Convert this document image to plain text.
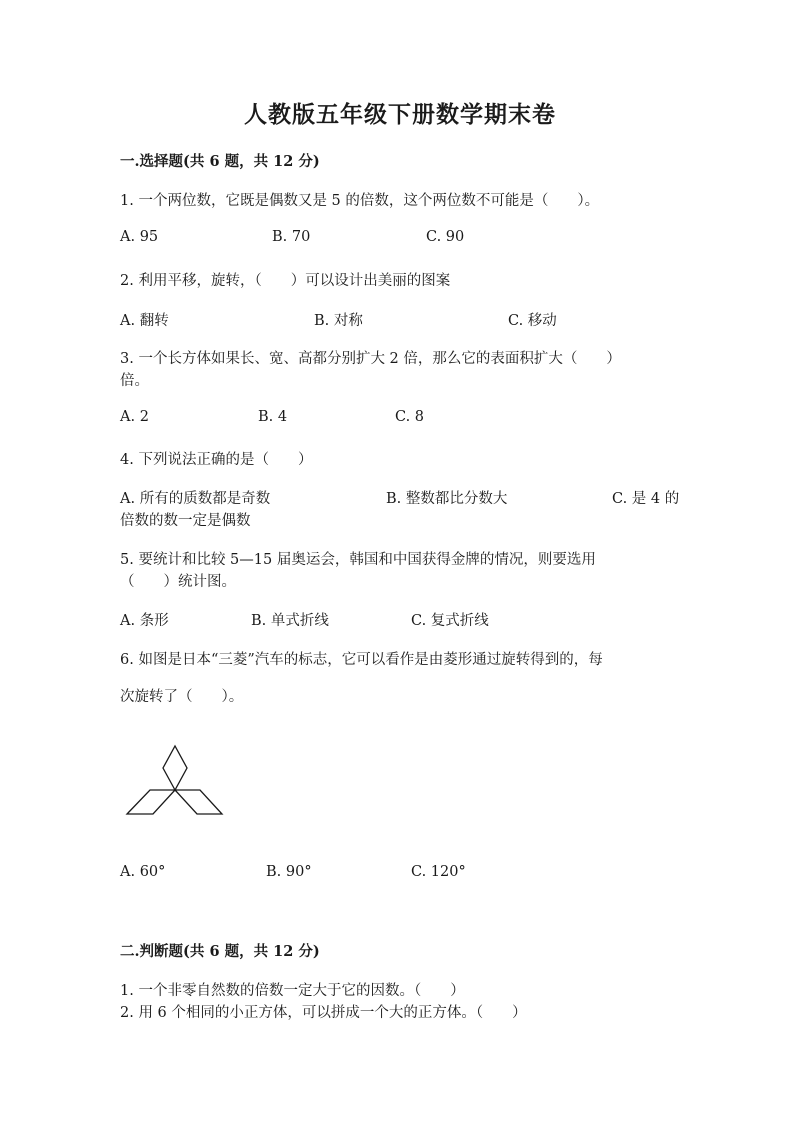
人教版五年级下册数学期末卷
一.选择题(共 6 题，共 12 分)
1. 一个两位数，它既是偶数又是 5 的倍数，这个两位数不可能是（　　）。
A. 95	B. 70	C. 90
2. 利用平移，旋转，（　　）可以设计出美丽的图案
A. 翻转	B. 对称	C. 移动
3. 一个长方体如果长、宽、高都分别扩大 2 倍，那么它的表面积扩大（　　）
倍。
A. 2	B. 4	C. 8
4. 下列说法正确的是（　　）
A. 所有的质数都是奇数	B. 整数都比分数大	C. 是 4 的
倍数的数一定是偶数
5. 要统计和比较 5—15 届奥运会，韩国和中国获得金牌的情况，则要选用
（　　）统计图。
A. 条形	B. 单式折线	C. 复式折线
6. 如图是日本“三菱”汽车的标志，它可以看作是由菱形通过旋转得到的，每
次旋转了（　　）。
A. 60°	B. 90°	C. 120°
二.判断题(共 6 题，共 12 分)
1. 一个非零自然数的倍数一定大于它的因数。（　　）
2. 用 6 个相同的小正方体，可以拼成一个大的正方体。（　　）
